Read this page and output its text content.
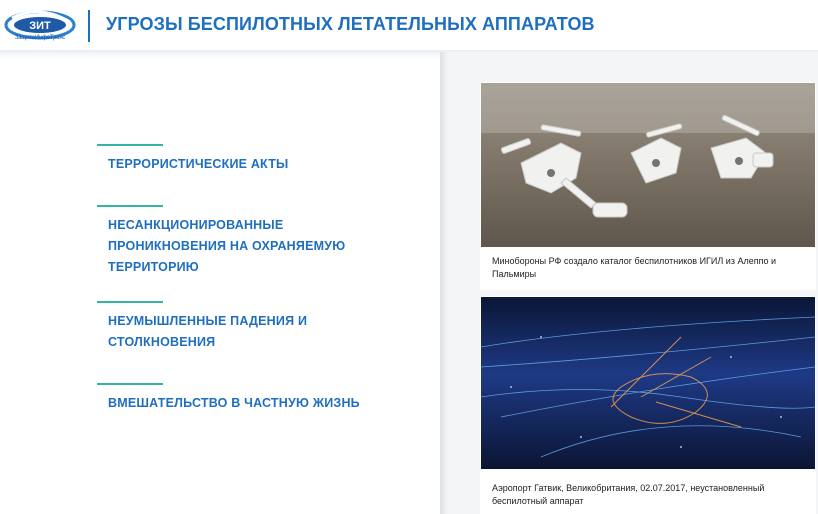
ЗИТ
ЗащитаИнфоТранс
УГРОЗЫ БЕСПИЛОТНЫХ ЛЕТАТЕЛЬНЫХ АППАРАТОВ
ТЕРРОРИСТИЧЕСКИЕ АКТЫ
НЕСАНКЦИОНИРОВАННЫЕ ПРОНИКНОВЕНИЯ НА ОХРАНЯЕМУЮ ТЕРРИТОРИЮ
НЕУМЫШЛЕННЫЕ ПАДЕНИЯ И СТОЛКНОВЕНИЯ
ВМЕШАТЕЛЬСТВО В ЧАСТНУЮ ЖИЗНЬ
Минобороны РФ создало каталог беспилотников ИГИЛ из Алеппо и Пальмиры
Аэропорт Гатвик, Великобритания, 02.07.2017, неустановленный беспилотный аппарат
